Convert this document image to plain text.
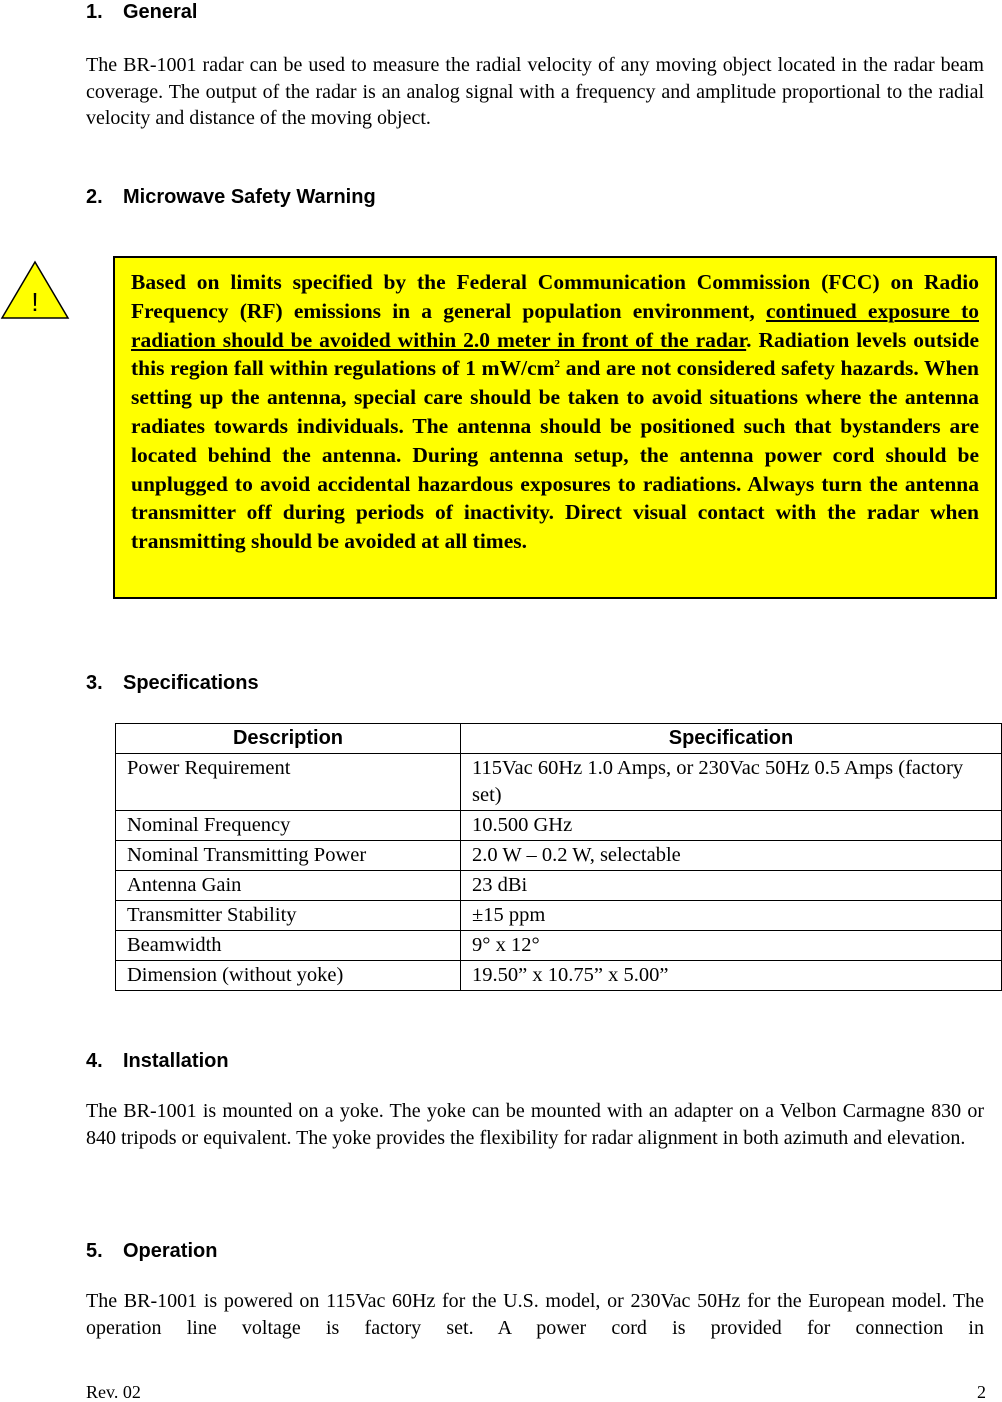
1. General

The BR-1001 radar can be used to measure the radial velocity of any moving object located in the radar beam coverage. The output of the radar is an analog signal with a frequency and amplitude proportional to the radial velocity and distance of the moving object.

2. Microwave Safety Warning
!

Based on limits specified by the Federal Communication Commission (FCC) on Radio Frequency (RF) emissions in a general population environment, continued exposure to radiation should be avoided within 2.0 meter in front of the radar. Radiation levels outside this region fall within regulations of 1 $mW/cm^2$ and are not considered safety hazards. When setting up the antenna, special care should be taken to avoid situations where the antenna radiates towards individuals. The antenna should be positioned such that bystanders are located behind the antenna. During antenna setup, the antenna power cord should be unplugged to avoid accidental hazardous exposures to radiations. Always turn the antenna transmitter off during periods of inactivity. Direct visual contact with the radar when transmitting should be avoided at all times.

3. Specifications
Description	Specification
Power Requirement	115Vac 60Hz 1.0 Amps, or 230Vac 50Hz 0.5 Amps (factory set)
Nominal Frequency	10.500 GHz
Nominal Transmitting Power	2.0 W – 0.2 W, selectable
Antenna Gain	23 dBi
Transmitter Stability	±15 ppm
Beamwidth	9° x 12°
Dimension (without yoke)	19.50” x 10.75” x 5.00”
4. Installation

The BR-1001 is mounted on a yoke. The yoke can be mounted with an adapter on a Velbon Carmagne 830 or 840 tripods or equivalent. The yoke provides the flexibility for radar alignment in both azimuth and elevation.

5. Operation

The BR-1001 is powered on 115Vac 60Hz for the U.S. model, or 230Vac 50Hz for the European model. The operation line voltage is factory set. A power cord is provided for connection in

Rev. 02	2
